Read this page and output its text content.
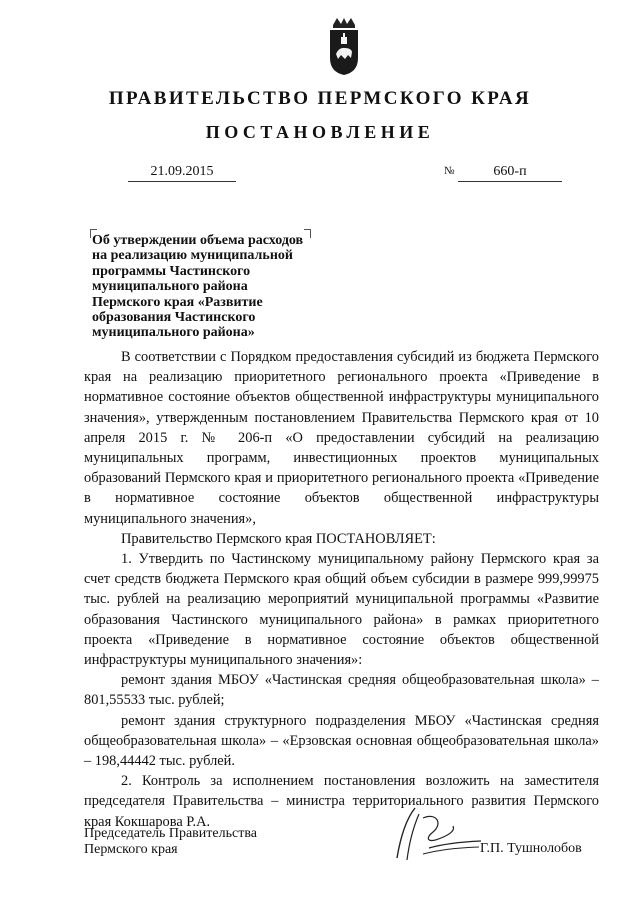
ПРАВИТЕЛЬСТВО ПЕРМСКОГО КРАЯ
ПОСТАНОВЛЕНИЕ
21.09.2015	№	660-п
Об утверждении объема расходов
на реализацию муниципальной
программы Частинского
муниципального района
Пермского края «Развитие
образования Частинского
муниципального района»

В соответствии с Порядком предоставления субсидий из бюджета Пермского края на реализацию приоритетного регионального проекта «Приведение в нормативное состояние объектов общественной инфраструктуры муниципального значения», утвержденным постановлением Правительства Пермского края от 10 апреля 2015 г. № 206-п «О предоставлении субсидий на реализацию муниципальных программ, инвестиционных проектов муниципальных образований Пермского края и приоритетного регионального проекта «Приведение в нормативное состояние объектов общественной инфраструктуры муниципального значения»,

Правительство Пермского края ПОСТАНОВЛЯЕТ:

1. Утвердить по Частинскому муниципальному району Пермского края за счет средств бюджета Пермского края общий объем субсидии в размере 999,99975 тыс. рублей на реализацию мероприятий муниципальной программы «Развитие образования Частинского муниципального района» в рамках приоритетного проекта «Приведение в нормативное состояние объектов общественной инфраструктуры муниципального значения»:

ремонт здания МБОУ «Частинская средняя общеобразовательная школа» – 801,55533 тыс. рублей;

ремонт здания структурного подразделения МБОУ «Частинская средняя общеобразовательная школа» – «Ерзовская основная общеобразовательная школа» – 198,44442 тыс. рублей.

2. Контроль за исполнением постановления возложить на заместителя председателя Правительства – министра территориального развития Пермского края Кокшарова Р.А.

Председатель Правительства
Пермского края	Г.П. Тушнолобов
